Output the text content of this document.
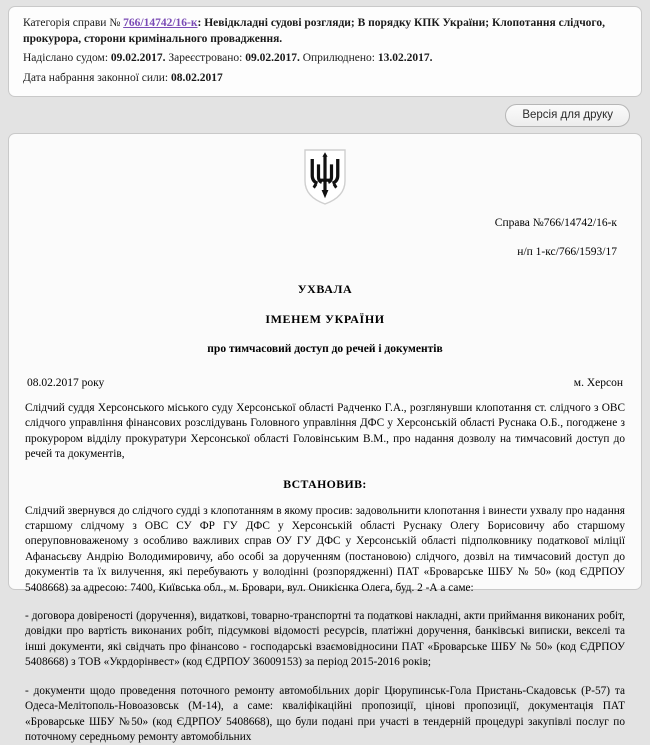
Категорія справи № 766/14742/16-к: Невідкладні судові розгляди; В порядку КПК України; Клопотання слідчого, прокурора, сторони кримінального провадження.
Надіслано судом: 09.02.2017. Зареєстровано: 09.02.2017. Оприлюднено: 13.02.2017.
Дата набрання законної сили: 08.02.2017
Версія для друку
Справа №766/14742/16-к
н/п 1-кс/766/1593/17
УХВАЛА
ІМЕНЕМ УКРАЇНИ
про тимчасовий доступ до речей і документів
08.02.2017 року	м. Херсон
Слідчий суддя Херсонського міського суду Херсонської області Радченко Г.А., розглянувши клопотання ст. слідчого з ОВС слідчого управління фінансових розслідувань Головного управління ДФС у Херсонській області Руснака О.Б., погоджене з прокурором відділу прокуратури Херсонської області Головінським В.М., про надання дозволу на тимчасовий доступ до речей та документів,
ВСТАНОВИВ:
Слідчий звернувся до слідчого судді з клопотанням в якому просив: задовольнити клопотання і винести ухвалу про надання старшому слідчому з ОВС СУ ФР ГУ ДФС у Херсонській області Руснаку Олегу Борисовичу або старшому оперуповноваженому з особливо важливих справ ОУ ГУ ДФС у Херсонській області підполковнику податкової міліції Афанасьєву Андрію Володимировичу, або особі за дорученням (постановою) слідчого, дозвіл на тимчасовий доступ до документів та їх вилучення, які перебувають у володінні (розпорядженні) ПАТ «Броварське ШБУ № 50» (код ЄДРПОУ 5408668) за адресою: 7400, Київська обл., м. Бровари, вул. Оникієнка Олега, буд. 2 -А а саме:
- договора довіреності (доручення), видаткові, товарно-транспортні та податкові накладні, акти приймання виконаних робіт, довідки про вартість виконаних робіт, підсумкові відомості ресурсів, платіжні доручення, банківські виписки, векселі та інші документи, які свідчать про фінансово - господарські взаємовідносини ПАТ «Броварське ШБУ № 50» (код ЄДРПОУ 5408668) з ТОВ «Укрдорінвест» (код ЄДРПОУ 36009153) за період 2015-2016 років;
- документи щодо проведення поточного ремонту автомобільних доріг Цюрупинськ-Гола Пристань-Скадовськ (Р-57) та Одеса-Мелітополь-Новоазовськ (М-14), а саме: кваліфікаційні пропозиції, цінові пропозиції, документація ПАТ «Броварське ШБУ №50» (код ЄДРПОУ 5408668), що були подані при участі в тендерній процедурі закупівлі послуг по поточному середньому ремонту автомобільних
